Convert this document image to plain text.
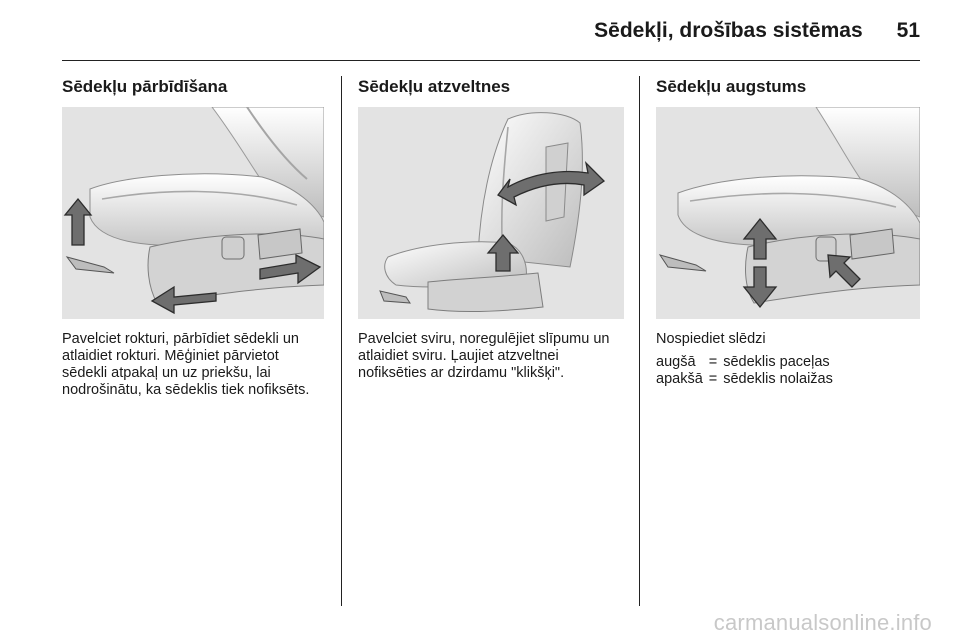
Sēdekļi, drošības sistēmas 51
Sēdekļu pārbīdīšana

Pavelciet rokturi, pārbīdiet sēdekli un atlaidiet rokturi. Mēģiniet pārvietot sēdekli atpakaļ un uz priekšu, lai nodrošinātu, ka sēdeklis tiek nofiksēts.

Sēdekļu atzveltnes

Pavelciet sviru, noregulējiet slīpumu un atlaidiet sviru. Ļaujiet atzveltnei nofiksēties ar dzirdamu "klikšķi".

Sēdekļu augstums

Nospiediet slēdzi

augšā	=	sēdeklis paceļas
apakšā	=	sēdeklis nolaižas
carmanualsonline.info
